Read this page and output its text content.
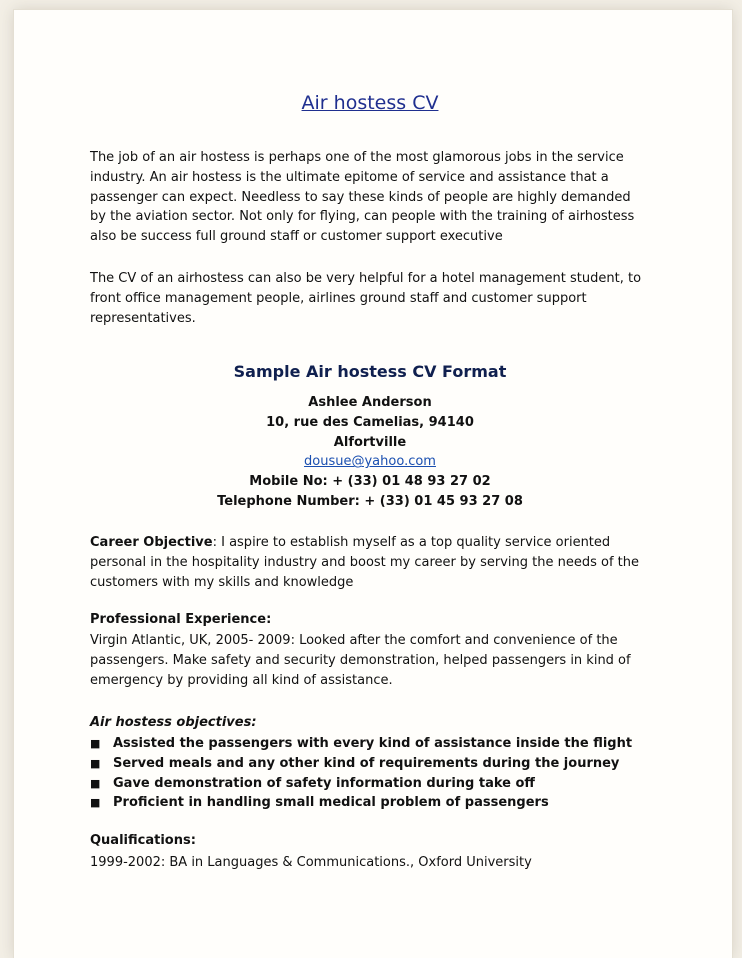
Air hostess CV

The job of an air hostess is perhaps one of the most glamorous jobs in the service industry. An air hostess is the ultimate epitome of service and assistance that a passenger can expect. Needless to say these kinds of people are highly demanded by the aviation sector. Not only for flying, can people with the training of airhostess also be success full ground staff or customer support executive

The CV of an airhostess can also be very helpful for a hotel management student, to front office management people, airlines ground staff and customer support representatives.

Sample Air hostess CV Format
Ashlee Anderson
10, rue des Camelias, 94140
Alfortville
dousue@yahoo.com
Mobile No: + (33) 01 48 93 27 02
Telephone Number: + (33) 01 45 93 27 08

Career Objective: I aspire to establish myself as a top quality service oriented personal in the hospitality industry and boost my career by serving the needs of the customers with my skills and knowledge

Professional Experience:

Virgin Atlantic, UK, 2005- 2009: Looked after the comfort and convenience of the passengers. Make safety and security demonstration, helped passengers in kind of emergency by providing all kind of assistance.

Air hostess objectives:

■ Assisted the passengers with every kind of assistance inside the flight
■ Served meals and any other kind of requirements during the journey
■ Gave demonstration of safety information during take off
■ Proficient in handling small medical problem of passengers

Qualifications:

1999-2002: BA in Languages & Communications., Oxford University
